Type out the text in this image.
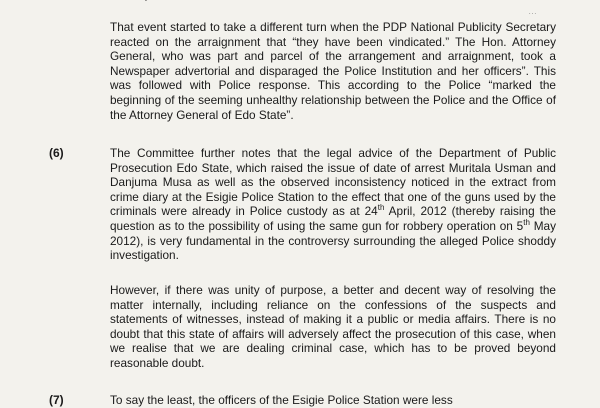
…

That event started to take a different turn when the PDP National Publicity Secretary reacted on the arraignment that “they have been vindicated.” The Hon. Attorney General, who was part and parcel of the arrangement and arraignment, took a Newspaper advertorial and disparaged the Police Institution and her officers”. This was followed with Police response. This according to the Police “marked the beginning of the seeming unhealthy relationship between the Police and the Office of the Attorney General of Edo State”.

(6)	The Committee further notes that the legal advice of the Department of Public Prosecution Edo State, which raised the issue of date of arrest Muritala Usman and Danjuma Musa as well as the observed inconsistency noticed in the extract from crime diary at the Esigie Police Station to the effect that one of the guns used by the criminals were already in Police custody as at 24th April, 2012 (thereby raising the question as to the possibility of using the same gun for robbery operation on 5th May 2012), is very fundamental in the controversy surrounding the alleged Police shoddy investigation.

However, if there was unity of purpose, a better and decent way of resolving the matter internally, including reliance on the confessions of the suspects and statements of witnesses, instead of making it a public or media affairs. There is no doubt that this state of affairs will adversely affect the prosecution of this case, when we realise that we are dealing criminal case, which has to be proved beyond reasonable doubt.

(7)	To say the least, the officers of the Esigie Police Station were less
